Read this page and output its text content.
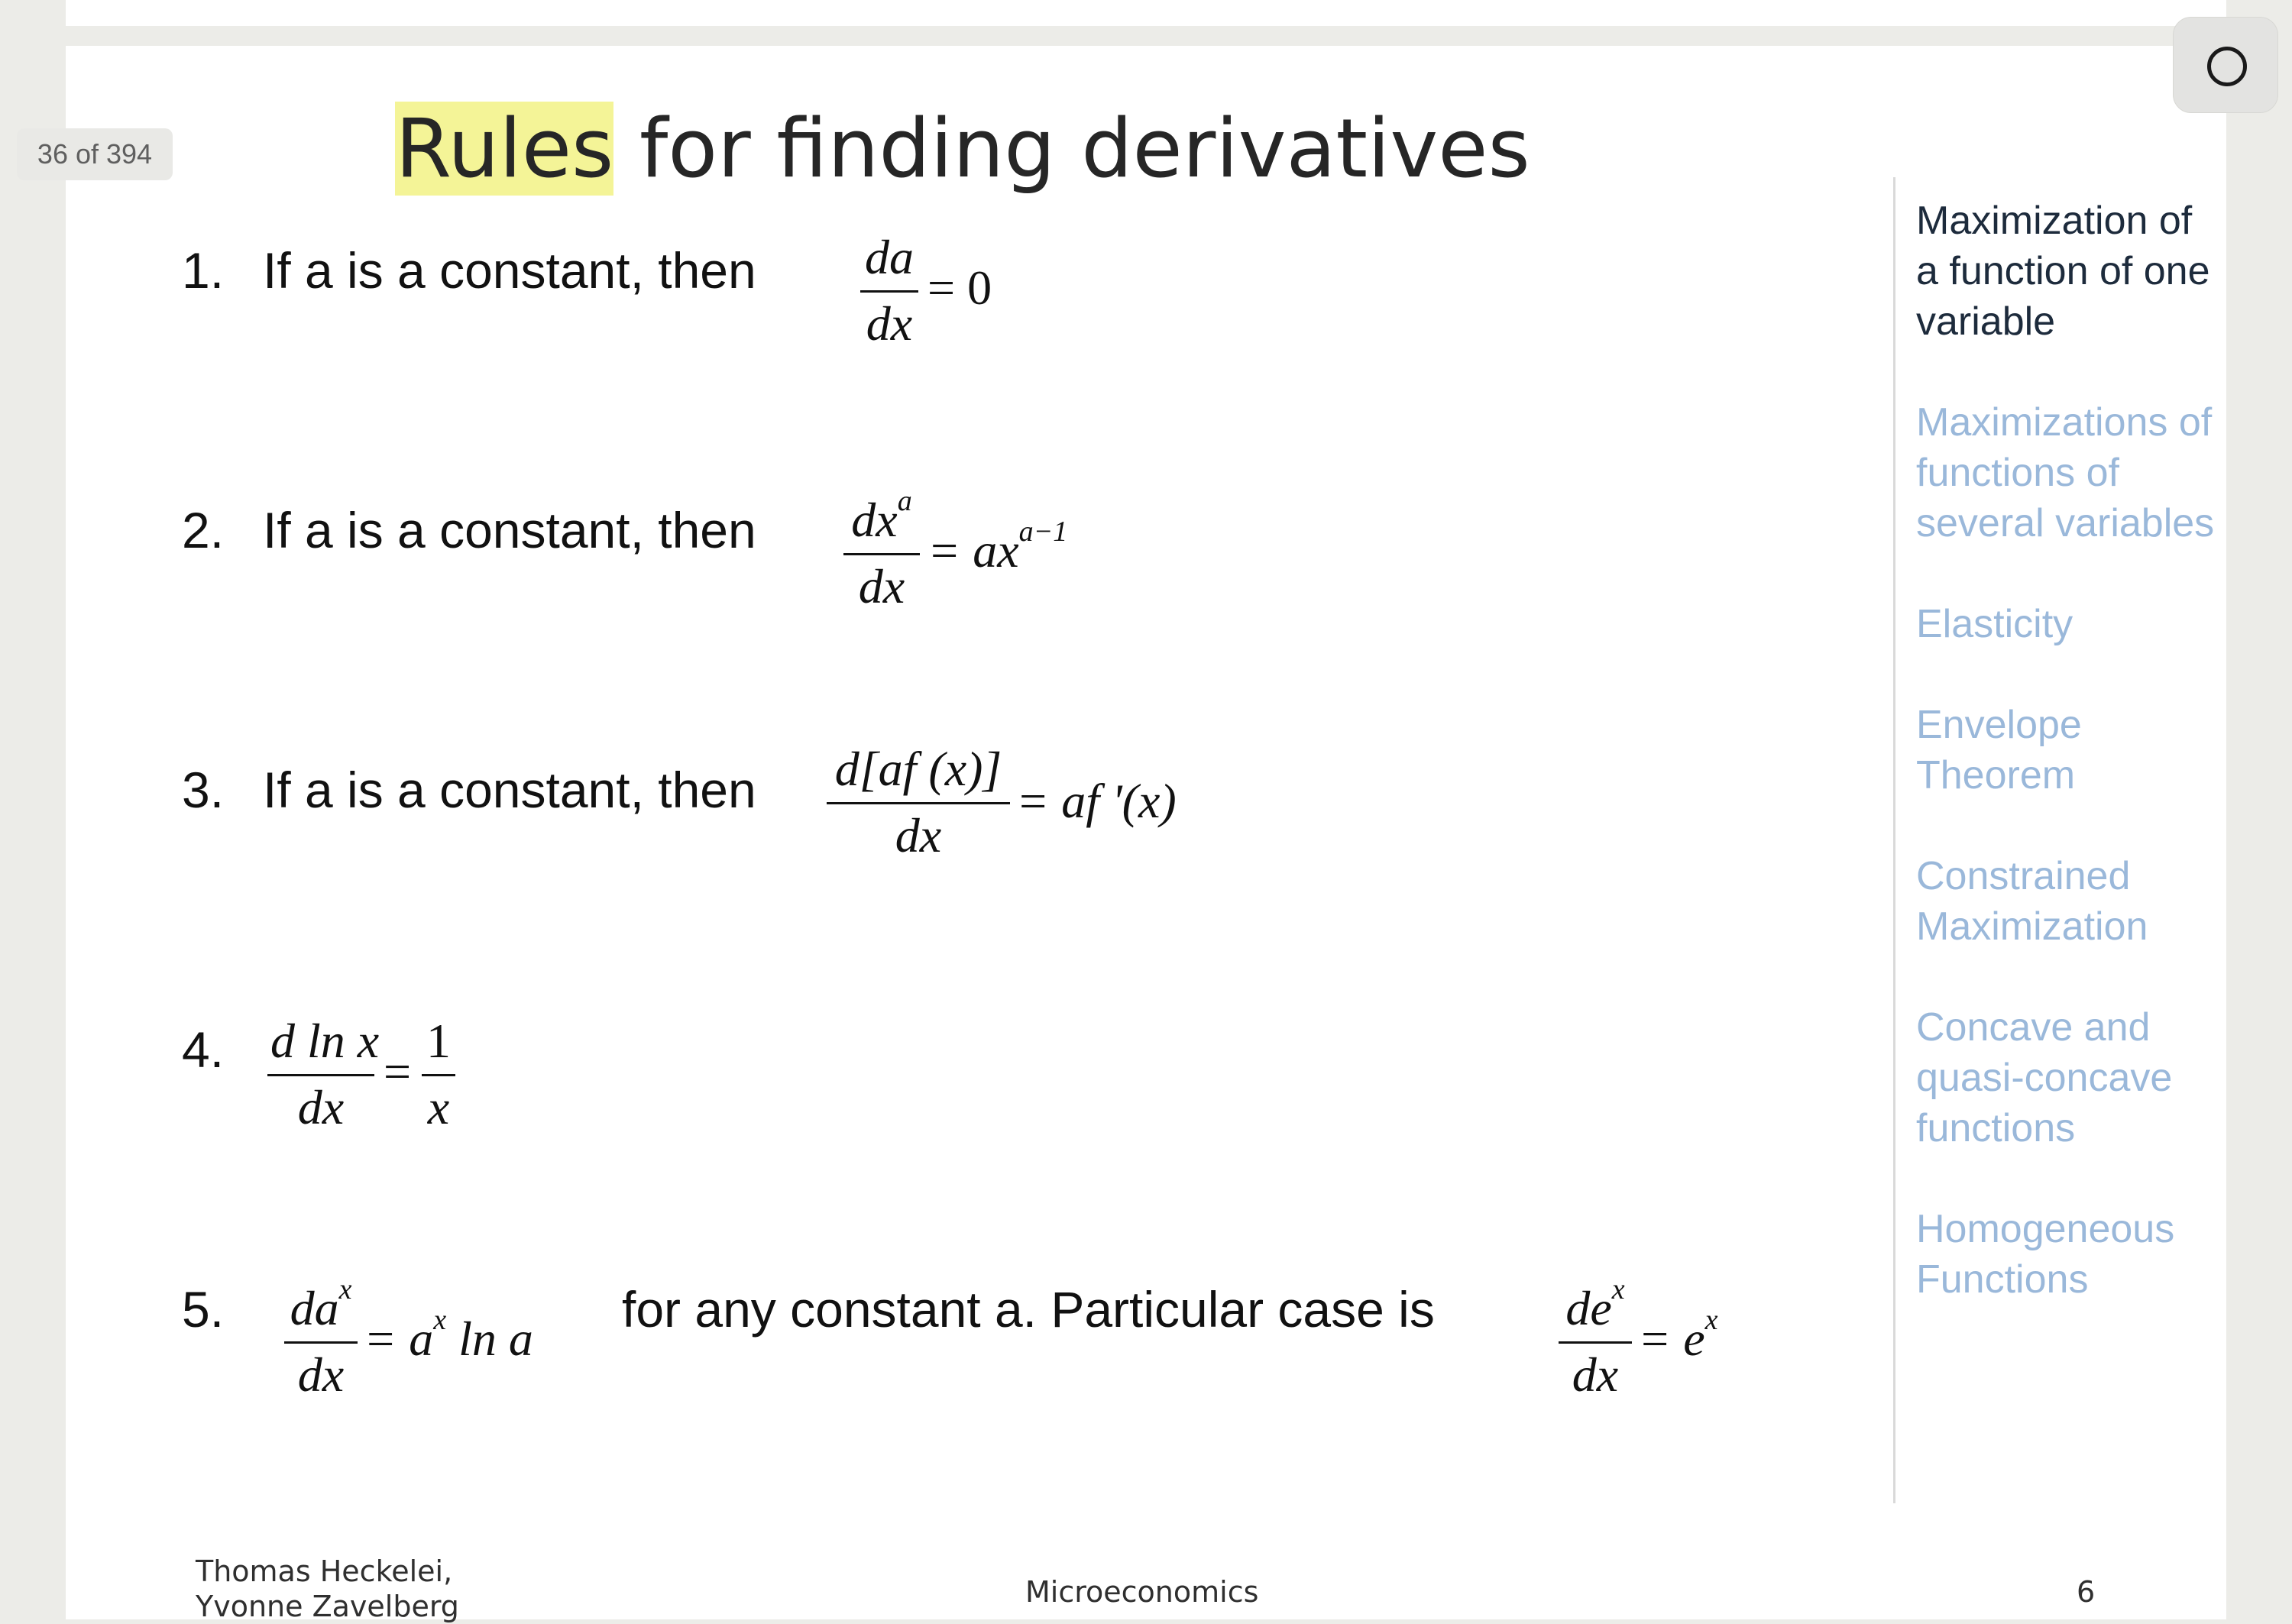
36 of 394	Rules for finding derivatives
1. If a is a constant, then da
dx
= 0
2. If a is a constant, then $dx^a$
dx
= $ax^{a-1}$
3. If a is a constant, then d[af (x)]
dx
= af '(x)
4. d ln x
dx
=
1
x
5.	$da^x$
dx
= $a^x$ ln a
for any constant a. Particular case is	$de^x$
dx
= $e^x$
Maximization of a function of one variable
Maximizations of functions of several variables
Elasticity
Envelope Theorem
Constrained Maximization
Concave and quasi-concave functions
Homogeneous Functions
Thomas Heckelei,
Yvonne Zavelberg	Microeconomics	6
